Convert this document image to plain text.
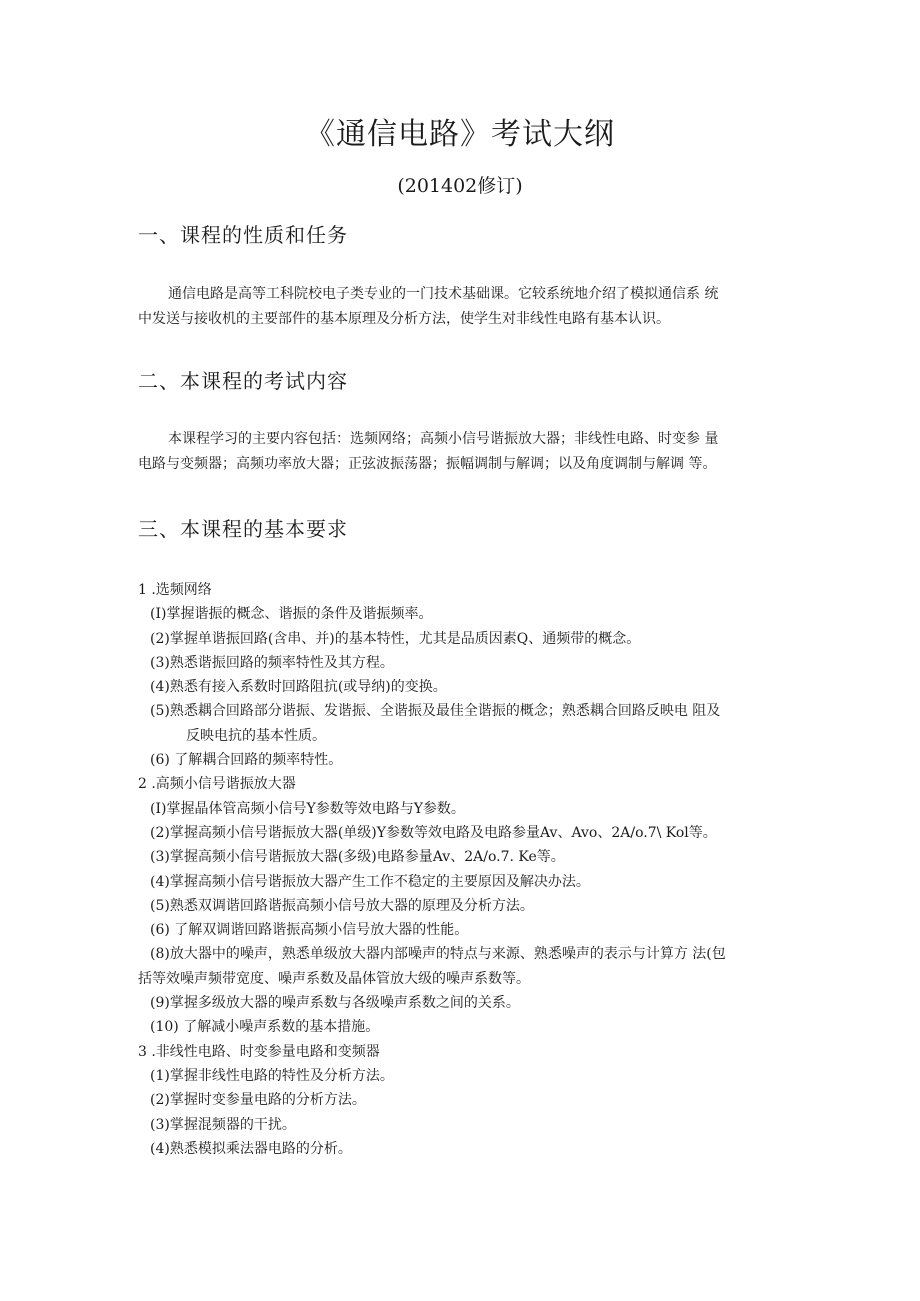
《通信电路》考试大纲
(201402修订)
一、课程的性质和任务
通信电路是高等工科院校电子类专业的一门技术基础课。它较系统地介绍了模拟通信系 统
中发送与接收机的主要部件的基本原理及分析方法，使学生对非线性电路有基本认识。
二、本课程的考试内容
本课程学习的主要内容包括：选频网络；高频小信号谐振放大器；非线性电路、时变参 量
电路与变频器；高频功率放大器；正弦波振荡器；振幅调制与解调；以及角度调制与解调 等。
三、本课程的基本要求
1 .选频网络
(I)掌握谐振的概念、谐振的条件及谐振频率。
(2)掌握单谐振回路(含串、并)的基本特性，尤其是品质因素Q、通频带的概念。
(3)熟悉谐振回路的频率特性及其方程。
(4)熟悉有接入系数时回路阻抗(或导纳)的变换。
(5)熟悉耦合回路部分谐振、发谐振、全谐振及最佳全谐振的概念；熟悉耦合回路反映电 阻及
反映电抗的基本性质。
(6) 了解耦合回路的频率特性。
2 .高频小信号谐振放大器
(I)掌握晶体管高频小信号Y参数等效电路与Y参数。
(2)掌握高频小信号谐振放大器(单级)Y参数等效电路及电路参量Av、Avo、2A/o.7\ Kol等。
(3)掌握高频小信号谐振放大器(多级)电路参量Av、2A/o.7. Ke等。
(4)掌握高频小信号谐振放大器产生工作不稳定的主要原因及解决办法。
(5)熟悉双调谐回路谐振高频小信号放大器的原理及分析方法。
(6) 了解双调谐回路谐振高频小信号放大器的性能。
(8)放大器中的噪声，熟悉单级放大器内部噪声的特点与来源、熟悉噪声的表示与计算方 法(包
括等效噪声频带宽度、噪声系数及晶体管放大级的噪声系数等。
(9)掌握多级放大器的噪声系数与各级噪声系数之间的关系。
(10) 了解减小噪声系数的基本措施。
3 .非线性电路、时变参量电路和变频器
(1)掌握非线性电路的特性及分析方法。
(2)掌握时变参量电路的分析方法。
(3)掌握混频器的干扰。
(4)熟悉模拟乘法器电路的分析。
